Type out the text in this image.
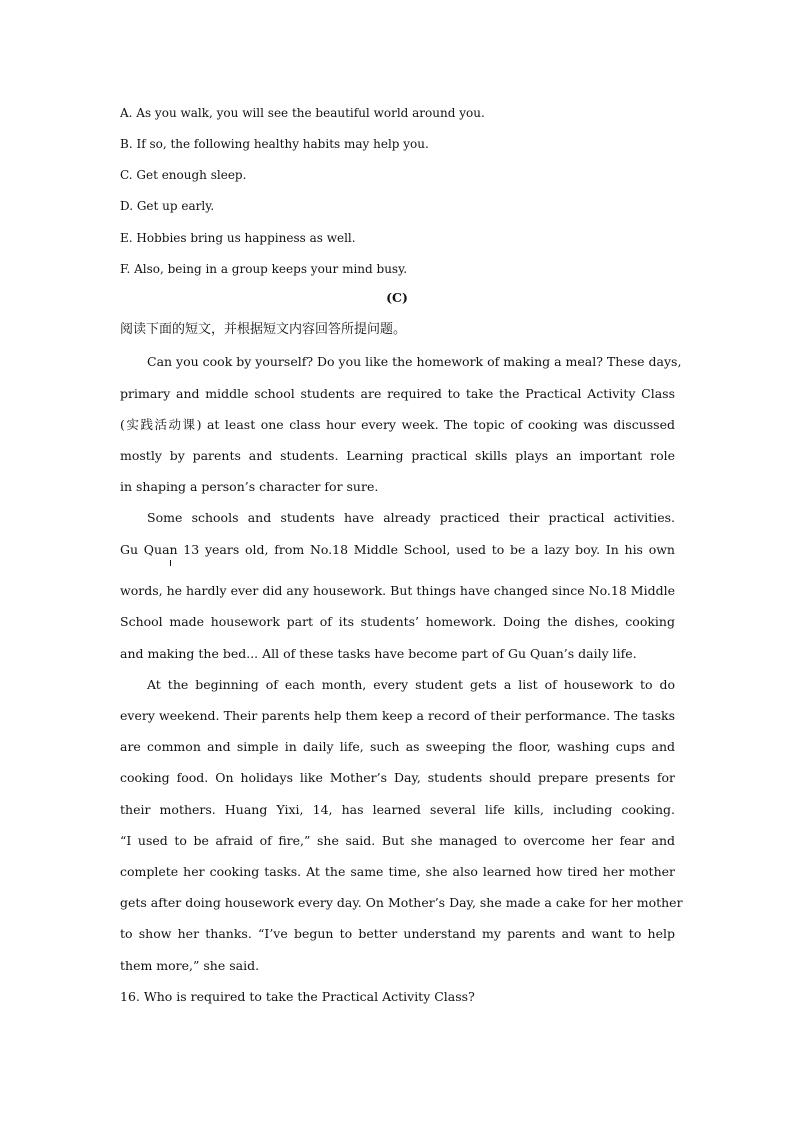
A. As you walk, you will see the beautiful world around you.
B. If so, the following healthy habits may help you.
C. Get enough sleep.
D. Get up early.
E. Hobbies bring us happiness as well.
F. Also, being in a group keeps your mind busy.
(C)
阅读下面的短文，并根据短文内容回答所提问题。
Can you cook by yourself? Do you like the homework of making a meal? These days,
primary and middle school students are required to take the Practical Activity Class
(实践活动课) at least one class hour every week. The topic of cooking was discussed
mostly by parents and students. Learning practical skills plays an important role
in shaping a person’s character for sure.
Some schools and students have already practiced their practical activities.
Gu Quan 13 years old, from No.18 Middle School, used to be a lazy boy. In his own
words, he hardly ever did any housework. But things have changed since No.18 Middle
School made housework part of its students’ homework. Doing the dishes, cooking
and making the bed... All of these tasks have become part of Gu Quan’s daily life.
At the beginning of each month, every student gets a list of housework to do
every weekend. Their parents help them keep a record of their performance. The tasks
are common and simple in daily life, such as sweeping the floor, washing cups and
cooking food. On holidays like Mother’s Day, students should prepare presents for
their mothers. Huang Yixi, 14, has learned several life kills, including cooking.
“I used to be afraid of fire,” she said. But she managed to overcome her fear and
complete her cooking tasks. At the same time, she also learned how tired her mother
gets after doing housework every day. On Mother’s Day, she made a cake for her mother
to show her thanks. “I’ve begun to better understand my parents and want to help
them more,” she said.
16. Who is required to take the Practical Activity Class?
